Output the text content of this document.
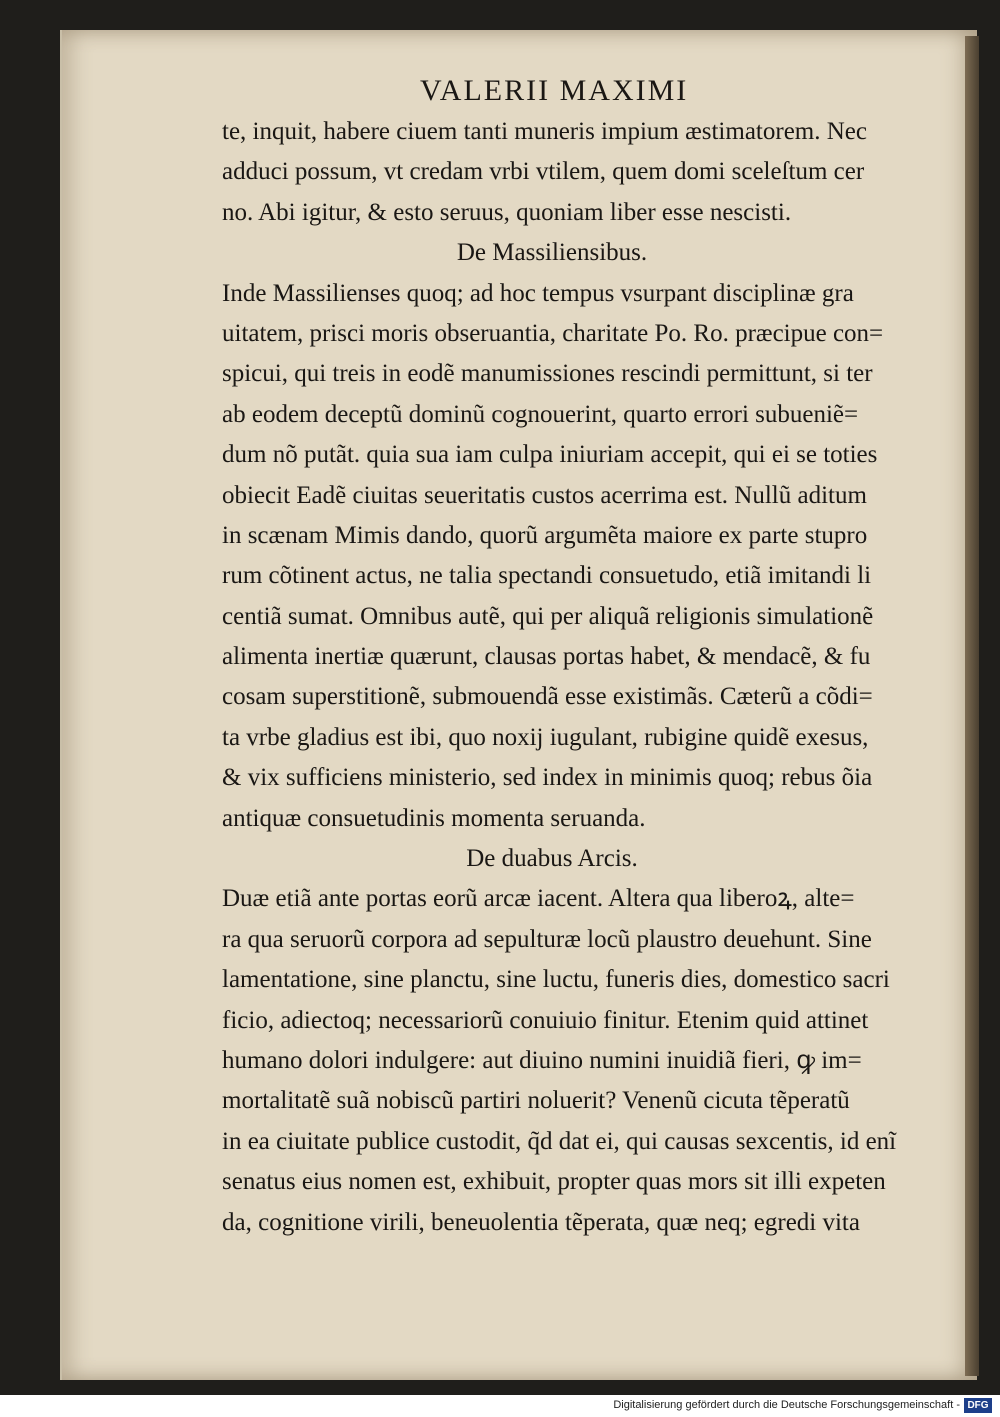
VALERII MAXIMI
te, inquit, habere ciuem tanti muneris impium æstimatorem. Nec
adduci possum, vt credam vrbi vtilem, quem domi sceleſtum cer
no. Abi igitur, & esto seruus, quoniam liber esse nescisti.
De Massiliensibus.
Inde Massilienses quoq; ad hoc tempus vsurpant disciplinæ gra
uitatem, prisci moris obseruantia, charitate Po. Ro. præcipue con=
spicui, qui treis in eodẽ manumissiones rescindi permittunt, si ter
ab eodem deceptũ dominũ cognouerint, quarto errori subueniẽ=
dum nõ putãt. quia sua iam culpa iniuriam accepit, qui ei se toties
obiecit Eadẽ ciuitas seueritatis custos acerrima est. Nullũ aditum
in scænam Mimis dando, quorũ argumẽta maiore ex parte stupro
rum cõtinent actus, ne talia spectandi consuetudo, etiã imitandi li
centiã sumat. Omnibus autẽ, qui per aliquã religionis simulationẽ
alimenta inertiæ quærunt, clausas portas habet, & mendacẽ, & fu
cosam superstitionẽ, submouendã esse existimãs. Cæterũ a cõdi=
ta vrbe gladius est ibi, quo noxij iugulant, rubigine quidẽ exesus,
& vix sufficiens ministerio, sed index in minimis quoq; rebus õia
antiquæ consuetudinis momenta seruanda.
De duabus Arcis.
Duæ etiã ante portas eorũ arcæ iacent. Altera qua liberoꝝ, alte=
ra qua seruorũ corpora ad sepulturæ locũ plaustro deuehunt. Sine
lamentatione, sine planctu, sine luctu, funeris dies, domestico sacri
ficio, adiectoq; necessariorũ conuiuio finitur. Etenim quid attinet
humano dolori indulgere: aut diuino numini inuidiã fieri, ꝙ im=
mortalitatẽ suã nobiscũ partiri noluerit? Venenũ cicuta tẽperatũ
in ea ciuitate publice custodit, q̃d dat ei, qui causas sexcentis, id enĩ
senatus eius nomen est, exhibuit, propter quas mors sit illi expeten
da, cognitione virili, beneuolentia tẽperata, quæ neq; egredi vita
Digitalisierung gefördert durch die Deutsche Forschungsgemeinschaft - DFG
